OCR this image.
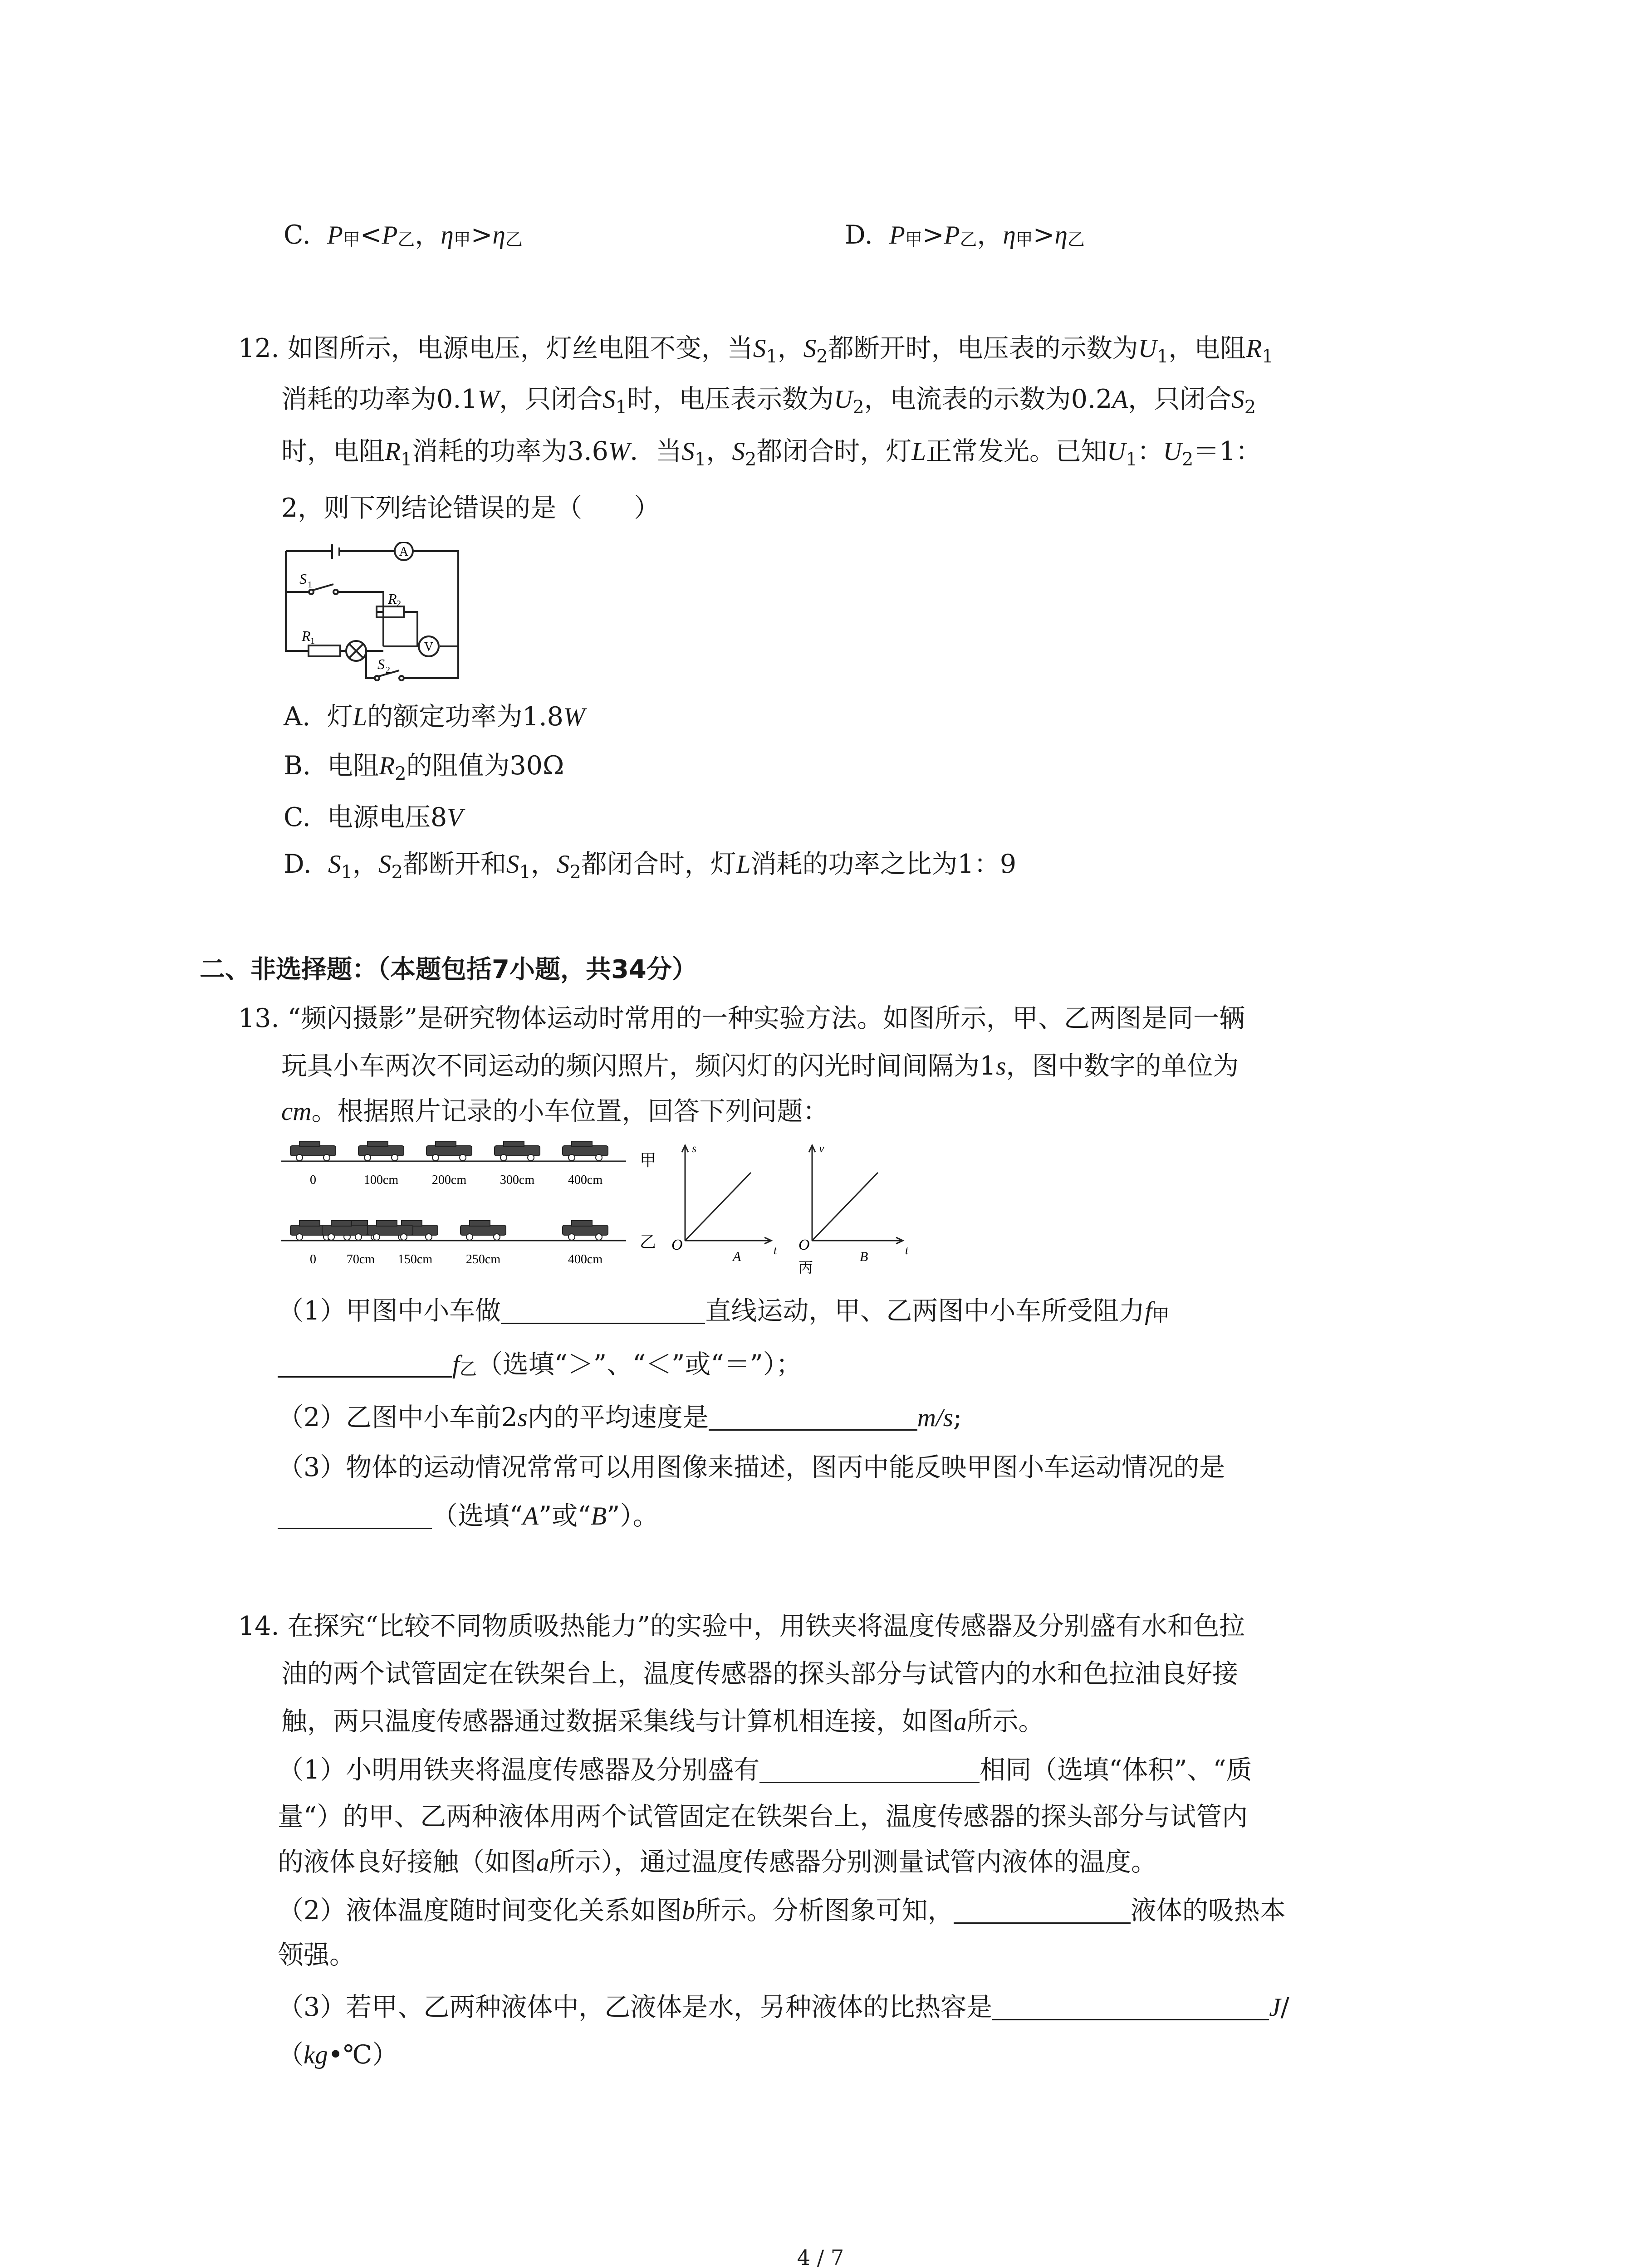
C. P甲<P乙，η甲>η乙	D. P甲>P乙，η甲>η乙
12. 如图所示，电源电压，灯丝电阻不变，当$S_1$，$S_2$都断开时，电压表的示数为$U_1$，电阻$R_1$
消耗的功率为0.1W，只闭合$S_1$时，电压表示数为$U_2$，电流表的示数为0.2A，只闭合$S_2$
时，电阻$R_1$消耗的功率为3.6W．当$S_1$，$S_2$都闭合时，灯L正常发光。已知$U_1$：$U_2=1$：
2，则下列结论错误的是（　　）
A
V
S 1
R 2
R 1
S 2
A. 灯L的额定功率为1.8W
B. 电阻$R_2$的阻值为30Ω
C. 电源电压8V
D. $S_1$，$S_2$都断开和$S_1$，$S_2$都闭合时，灯L消耗的功率之比为1：9
二、非选择题：（本题包括7小题，共34分）
13. “频闪摄影”是研究物体运动时常用的一种实验方法。如图所示，甲、乙两图是同一辆
玩具小车两次不同运动的频闪照片，频闪灯的闪光时间间隔为1s，图中数字的单位为
cm。根据照片记录的小车位置，回答下列问题：
0	100cm	200cm	300cm	400cm
0 70cm 150cm	250cm	400cm
甲
乙
s
t
O
A
v
t
O
B
丙
（1）甲图中小车做	直线运动，甲、乙两图中小车所受阻力f甲
f乙（选填“＞”、“＜”或“＝”）；
（2）乙图中小车前2s内的平均速度是	m/s;
（3）物体的运动情况常常可以用图像来描述，图丙中能反映甲图小车运动情况的是
（选填“A”或“B”）。
14. 在探究“比较不同物质吸热能力”的实验中，用铁夹将温度传感器及分别盛有水和色拉
油的两个试管固定在铁架台上，温度传感器的探头部分与试管内的水和色拉油良好接
触，两只温度传感器通过数据采集线与计算机相连接，如图a所示。
（1）小明用铁夹将温度传感器及分别盛有	相同（选填“体积”、“质
量“）的甲、乙两种液体用两个试管固定在铁架台上，温度传感器的探头部分与试管内
的液体良好接触（如图a所示），通过温度传感器分别测量试管内液体的温度。
（2）液体温度随时间变化关系如图b所示。分析图象可知，	液体的吸热本
领强。
（3）若甲、乙两种液体中，乙液体是水，另种液体的比热容是	J/
（kg•℃）
4 / 7
